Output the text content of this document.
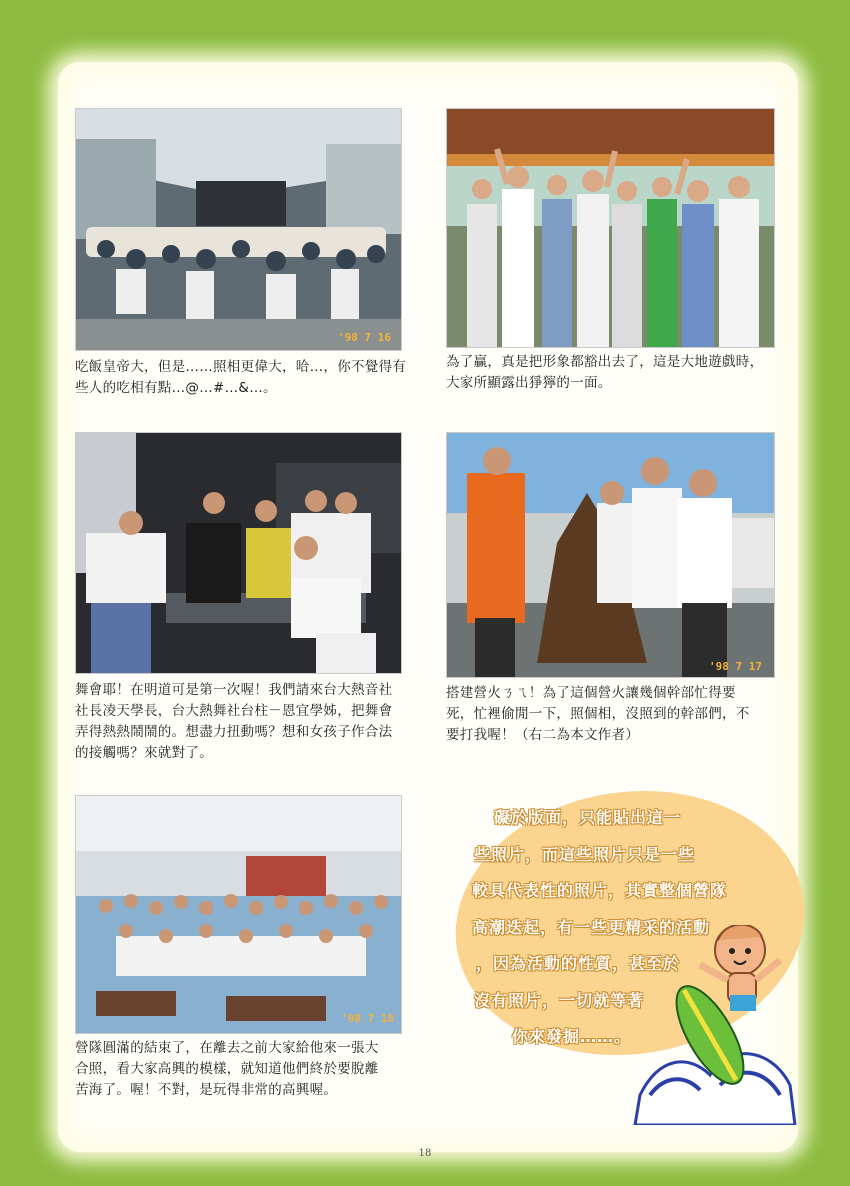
'98 7 16
吃飯皇帝大，但是……照相更偉大，哈…，你不覺得有
些人的吃相有點…@…#…&…。
為了贏，真是把形象都豁出去了，這是大地遊戲時，
大家所顯露出猙獰的一面。
舞會耶！在明道可是第一次喔！我們請來台大熱音社
社長凌天學長，台大熱舞社台柱－恩宜學姊，把舞會
弄得熱熱鬧鬧的。想盡力扭動嗎？想和女孩子作合法
的接觸嗎？來就對了。
'98 7 17
搭建營火ㄋㄟ！為了這個營火讓幾個幹部忙得要
死，忙裡偷閒一下，照個相，沒照到的幹部們，不
要打我喔！（右二為本文作者）
'98 7 18
營隊圓滿的結束了，在離去之前大家給他來一張大
合照，看大家高興的模樣，就知道他們終於要脫離
苦海了。喔！不對，是玩得非常的高興喔。
礙於版面，只能貼出這一
些照片，而這些照片只是一些
較具代表性的照片，其實整個營隊
高潮迭起，有一些更精采的活動
，因為活動的性質，甚至於
沒有照片，一切就等著
你來發掘……。
18
